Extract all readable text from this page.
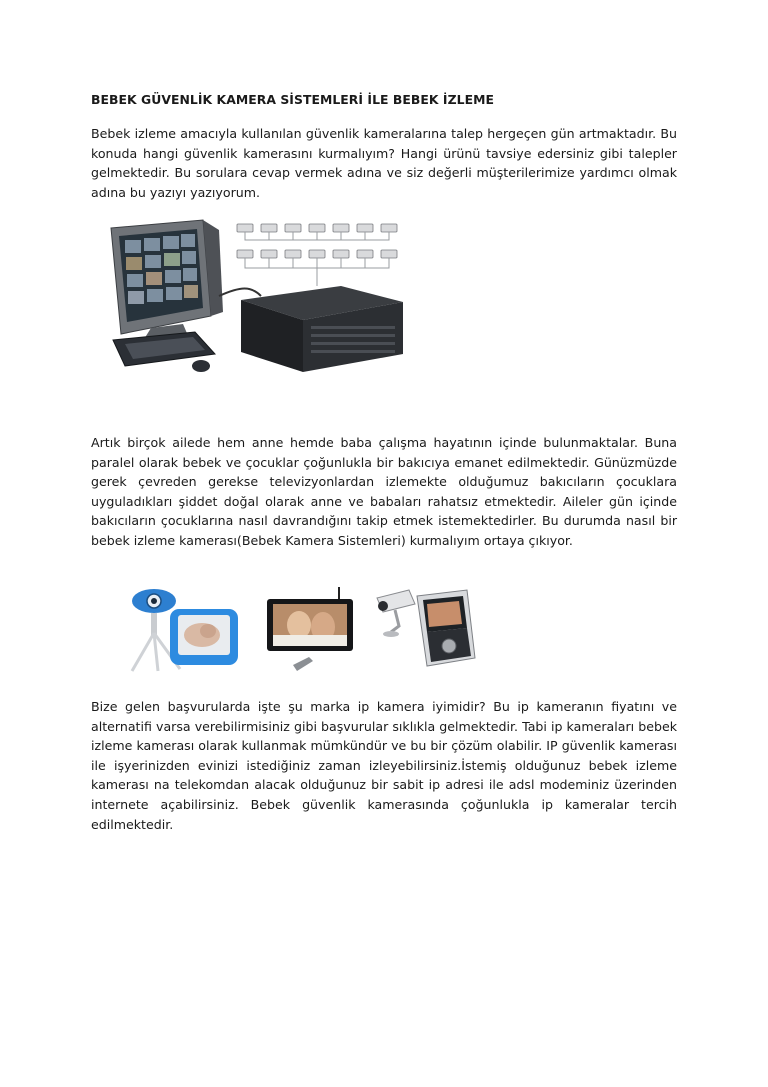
BEBEK GÜVENLİK KAMERA SİSTEMLERİ İLE BEBEK İZLEME

Bebek izleme amacıyla kullanılan güvenlik kameralarına talep hergeçen gün artmaktadır. Bu konuda hangi güvenlik kamerasını kurmalıyım? Hangi ürünü tavsiye edersiniz gibi talepler gelmektedir. Bu sorulara cevap vermek adına ve siz değerli müşterilerimize yardımcı olmak adına bu yazıyı yazıyorum.

Artık birçok ailede hem anne hemde baba çalışma hayatının içinde bulunmaktalar. Buna paralel olarak bebek ve çocuklar çoğunlukla bir bakıcıya emanet edilmektedir. Günüzmüzde gerek çevreden gerekse televizyonlardan izlemekte olduğumuz bakıcıların çocuklara uyguladıkları şiddet doğal olarak anne ve babaları rahatsız etmektedir. Aileler gün içinde bakıcıların çocuklarına nasıl davrandığını takip etmek istemektedirler. Bu durumda nasıl bir bebek izleme kamerası(Bebek Kamera Sistemleri) kurmalıyım ortaya çıkıyor.

Bize gelen başvurularda işte şu marka ip kamera iyimidir? Bu ip kameranın fiyatını ve alternatifi varsa verebilirmisiniz gibi başvurular sıklıkla gelmektedir. Tabi ip kameraları bebek izleme kamerası olarak kullanmak mümkündür ve bu bir çözüm olabilir. IP güvenlik kamerası ile işyerinizden evinizi istediğiniz zaman izleyebilirsiniz.İstemiş olduğunuz bebek izleme kamerası na telekomdan alacak olduğunuz bir sabit ip adresi ile adsl modeminiz üzerinden internete açabilirsiniz. Bebek güvenlik kamerasında çoğunlukla ip kameralar tercih edilmektedir.
